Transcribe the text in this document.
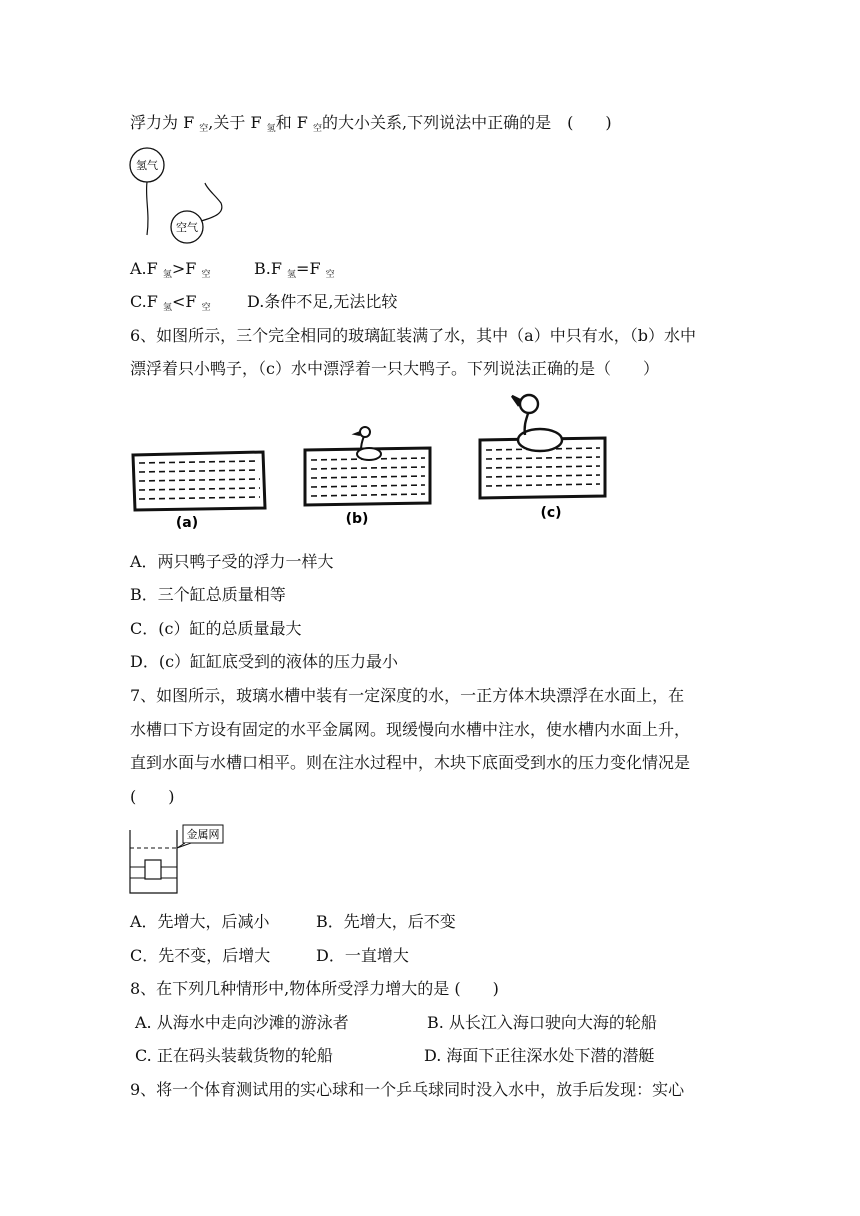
浮力为 F $_空$,关于 F $_氢$和 F $_空$的大小关系,下列说法中正确的是　(　　)
氢气
空气
A.F $_氢$>F $_空$	B.F $_氢$=F $_空$
C.F $_氢$<F $_空$ D.条件不足,无法比较
6、如图所示，三个完全相同的玻璃缸装满了水，其中（a）中只有水，（b）水中
漂浮着只小鸭子，（c）水中漂浮着一只大鸭子。下列说法正确的是（　　）
(a)	(b)	(c)
A．两只鸭子受的浮力一样大
B．三个缸总质量相等
C．(c）缸的总质量最大
D．(c）缸缸底受到的液体的压力最小
7、如图所示，玻璃水槽中装有一定深度的水，一正方体木块漂浮在水面上，在
水槽口下方设有固定的水平金属网。现缓慢向水槽中注水，使水槽内水面上升，
直到水面与水槽口相平。则在注水过程中，木块下底面受到水的压力变化情况是
(　　)
金属网
A．先增大，后减小	B．先增大，后不变
C．先不变，后增大	D．一直增大
8、在下列几种情形中,物体所受浮力增大的是 (　　)
A. 从海水中走向沙滩的游泳者	B. 从长江入海口驶向大海的轮船
C. 正在码头装载货物的轮船	D. 海面下正往深水处下潜的潜艇
9、将一个体育测试用的实心球和一个乒乓球同时没入水中，放手后发现：实心
